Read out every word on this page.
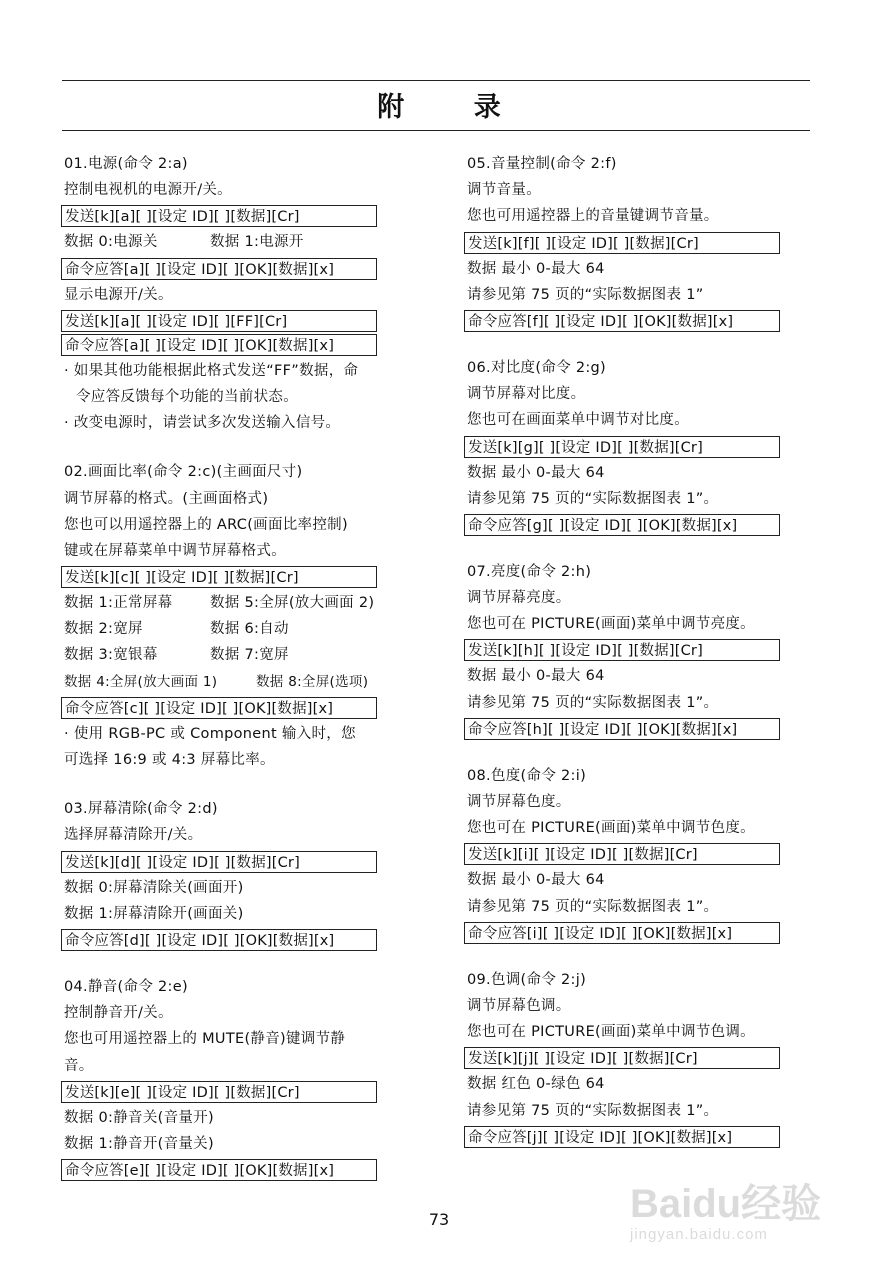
附 录
01.电源(命令 2:a)
控制电视机的电源开/关。
发送[k][a][ ][设定 ID][ ][数据][Cr]
数据 0:电源关	数据 1:电源开
命令应答[a][ ][设定 ID][ ][OK][数据][x]
显示电源开/关。
发送[k][a][ ][设定 ID][ ][FF][Cr]
命令应答[a][ ][设定 ID][ ][OK][数据][x]
· 如果其他功能根据此格式发送“FF”数据，命
令应答反馈每个功能的当前状态。
· 改变电源时，请尝试多次发送输入信号。
02.画面比率(命令 2:c)(主画面尺寸)
调节屏幕的格式。(主画面格式)
您也可以用遥控器上的 ARC(画面比率控制)
键或在屏幕菜单中调节屏幕格式。
发送[k][c][ ][设定 ID][ ][数据][Cr]
数据 1:正常屏幕	数据 5:全屏(放大画面 2)
数据 2:宽屏	数据 6:自动
数据 3:宽银幕	数据 7:宽屏
数据 4:全屏(放大画面 1)	数据 8:全屏(选项)
命令应答[c][ ][设定 ID][ ][OK][数据][x]
· 使用 RGB-PC 或 Component 输入时，您
可选择 16:9 或 4:3 屏幕比率。
03.屏幕清除(命令 2:d)
选择屏幕清除开/关。
发送[k][d][ ][设定 ID][ ][数据][Cr]
数据 0:屏幕清除关(画面开)
数据 1:屏幕清除开(画面关)
命令应答[d][ ][设定 ID][ ][OK][数据][x]
04.静音(命令 2:e)
控制静音开/关。
您也可用遥控器上的 MUTE(静音)键调节静
音。
发送[k][e][ ][设定 ID][ ][数据][Cr]
数据 0:静音关(音量开)
数据 1:静音开(音量关)
命令应答[e][ ][设定 ID][ ][OK][数据][x]
05.音量控制(命令 2:f)
调节音量。
您也可用遥控器上的音量键调节音量。
发送[k][f][ ][设定 ID][ ][数据][Cr]
数据 最小 0-最大 64
请参见第 75 页的“实际数据图表 1”
命令应答[f][ ][设定 ID][ ][OK][数据][x]
06.对比度(命令 2:g)
调节屏幕对比度。
您也可在画面菜单中调节对比度。
发送[k][g][ ][设定 ID][ ][数据][Cr]
数据 最小 0-最大 64
请参见第 75 页的“实际数据图表 1”。
命令应答[g][ ][设定 ID][ ][OK][数据][x]
07.亮度(命令 2:h)
调节屏幕亮度。
您也可在 PICTURE(画面)菜单中调节亮度。
发送[k][h][ ][设定 ID][ ][数据][Cr]
数据 最小 0-最大 64
请参见第 75 页的“实际数据图表 1”。
命令应答[h][ ][设定 ID][ ][OK][数据][x]
08.色度(命令 2:i)
调节屏幕色度。
您也可在 PICTURE(画面)菜单中调节色度。
发送[k][i][ ][设定 ID][ ][数据][Cr]
数据 最小 0-最大 64
请参见第 75 页的“实际数据图表 1”。
命令应答[i][ ][设定 ID][ ][OK][数据][x]
09.色调(命令 2:j)
调节屏幕色调。
您也可在 PICTURE(画面)菜单中调节色调。
发送[k][j][ ][设定 ID][ ][数据][Cr]
数据 红色 0-绿色 64
请参见第 75 页的“实际数据图表 1”。
命令应答[j][ ][设定 ID][ ][OK][数据][x]
73	Baidu经验
jingyan.baidu.com
